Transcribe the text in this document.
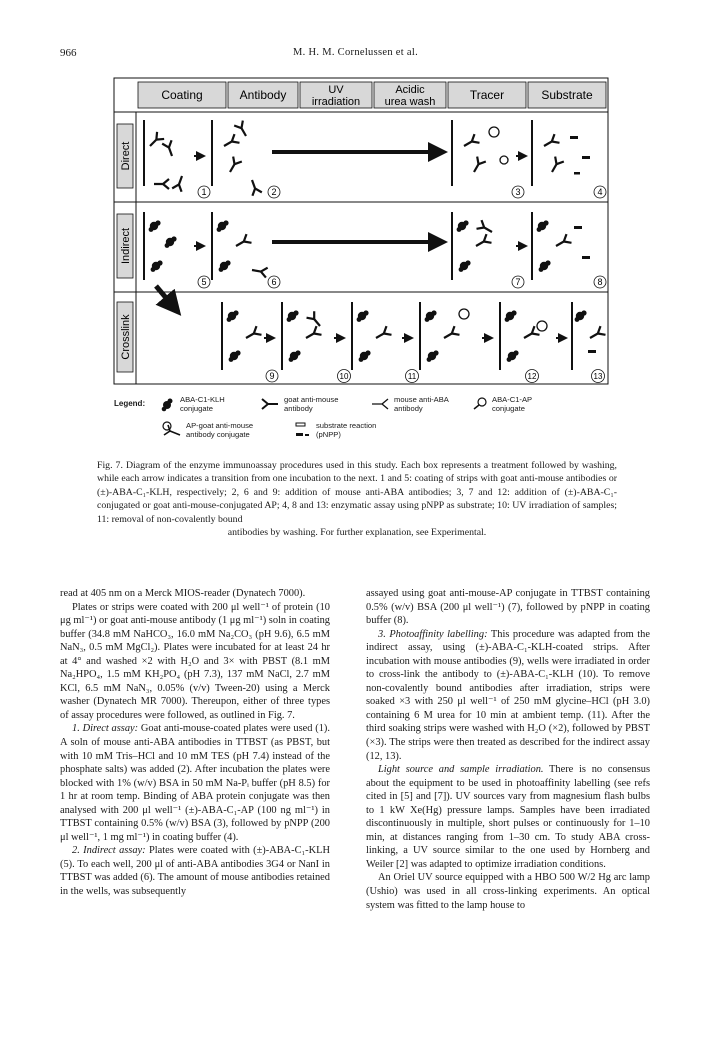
966	M. H. M. Cornelussen et al.
Coating	Antibody	UV
irradiation
Acidic
urea wash	Tracer	Substrate
Direct
Indirect
Crosslink
1	2	3	4
5	6	7	8
9	10	11	12	13
Legend:	ABA-C1-KLH
conjugate
goat anti-mouse
antibody
mouse anti-ABA
antibody
ABA-C1-AP
conjugate
AP-goat anti-mouse
antibody conjugate
substrate reaction
(pNPP)
Fig. 7. Diagram of the enzyme immunoassay procedures used in this study. Each box represents a treatment followed by washing, while each arrow indicates a transition from one incubation to the next. 1 and 5: coating of strips with goat anti-mouse antibodies or (±)-ABA-C₁-KLH, respectively; 2, 6 and 9: addition of mouse anti-ABA antibodies; 3, 7 and 12: addition of (±)-ABA-C₁-conjugated or goat anti-mouse-conjugated AP; 4, 8 and 13: enzymatic assay using pNPP as substrate; 10: UV irradiation of samples; 11: removal of non-covalently bound
antibodies by washing. For further explanation, see Experimental.

read at 405 nm on a Merck MIOS-reader (Dynatech 7000).

Plates or strips were coated with 200 μl well⁻¹ of protein (10 μg ml⁻¹) or goat anti-mouse antibody (1 μg ml⁻¹) soln in coating buffer (34.8 mM NaHCO₃, 16.0 mM Na₂CO₃ (pH 9.6), 6.5 mM NaN₃, 0.5 mM MgCl₂). Plates were incubated for at least 24 hr at 4° and washed ×2 with H₂O and 3× with PBST (8.1 mM Na₂HPO₄, 1.5 mM KH₂PO₄ (pH 7.3), 137 mM NaCl, 2.7 mM KCl, 6.5 mM NaN₃, 0.05% (v/v) Tween-20) using a Merck washer (Dynatech MR 7000). Thereupon, either of three types of assay procedures were followed, as outlined in Fig. 7.

1. Direct assay: Goat anti-mouse-coated plates were used (1). A soln of mouse anti-ABA antibodies in TTBST (as PBST, but with 10 mM Tris–HCl and 10 mM TES (pH 7.4) instead of the phosphate salts) was added (2). After incubation the plates were blocked with 1% (w/v) BSA in 50 mM Na-Pᵢ buffer (pH 8.5) for 1 hr at room temp. Binding of ABA protein conjugate was then analysed with 200 μl well⁻¹ (±)-ABA-C₁-AP (100 ng ml⁻¹) in TTBST containing 0.5% (w/v) BSA (3), followed by pNPP (200 μl well⁻¹, 1 mg ml⁻¹) in coating buffer (4).

2. Indirect assay: Plates were coated with (±)-ABA-C₁-KLH (5). To each well, 200 μl of anti-ABA antibodies 3G4 or NanI in TTBST was added (6). The amount of mouse antibodies retained in the wells, was subsequently

assayed using goat anti-mouse-AP conjugate in TTBST containing 0.5% (w/v) BSA (200 μl well⁻¹) (7), followed by pNPP in coating buffer (8).

3. Photoaffinity labelling: This procedure was adapted from the indirect assay, using (±)-ABA-C₁-KLH-coated strips. After incubation with mouse antibodies (9), wells were irradiated in order to cross-link the antibody to (±)-ABA-C₁-KLH (10). To remove non-covalently bound antibodies after irradiation, strips were soaked ×3 with 250 μl well⁻¹ of 250 mM glycine–HCl (pH 3.0) containing 6 M urea for 10 min at ambient temp. (11). After the third soaking strips were washed with H₂O (×2), followed by PBST (×3). The strips were then treated as described for the indirect assay (12, 13).

Light source and sample irradiation. There is no consensus about the equipment to be used in photoaffinity labelling (see refs cited in [5] and [7]). UV sources vary from magnesium flash bulbs to 1 kW Xe(Hg) pressure lamps. Samples have been irradiated discontinuously in multiple, short pulses or continuously for 1–10 min, at distances ranging from 1–30 cm. To study ABA cross-linking, a UV source similar to the one used by Hornberg and Weiler [2] was adapted to optimize irradiation conditions.

An Oriel UV source equipped with a HBO 500 W/2 Hg arc lamp (Ushio) was used in all cross-linking experiments. An optical system was fitted to the lamp house to
